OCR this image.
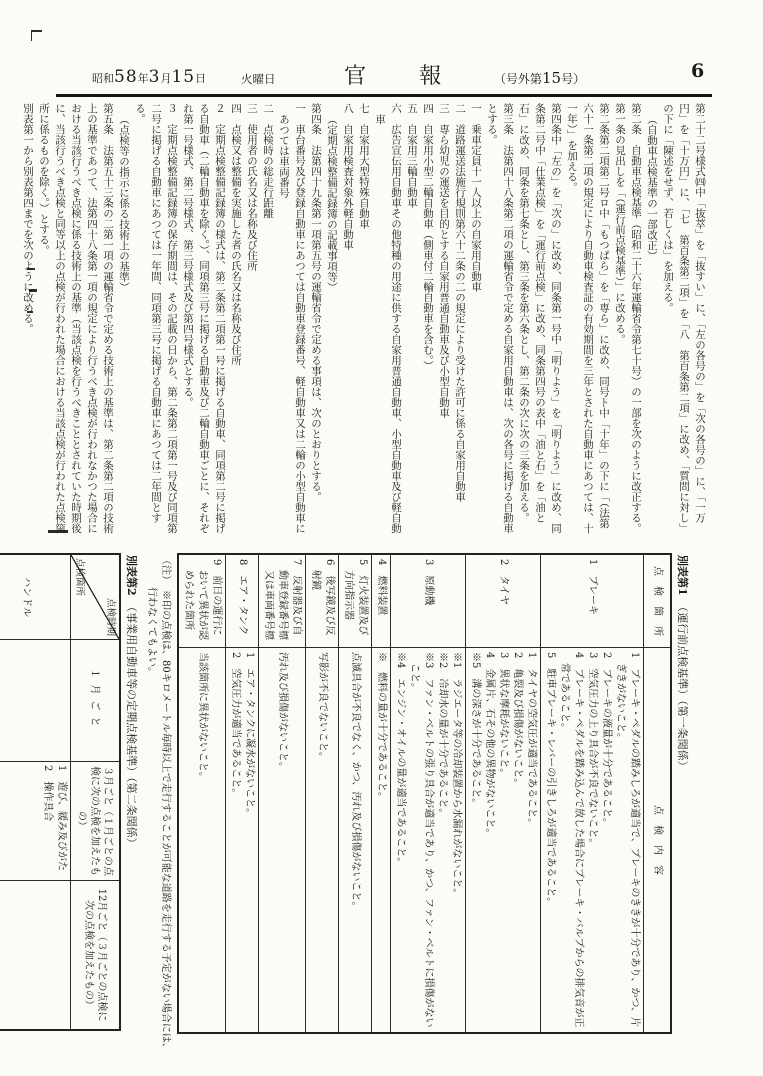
昭和58年3月15日	火曜日	官報 （号外第15号）	6

第二十二号様式㈣中「抜萃」を「抜すい」に、「左の各号の」を「次の各号の」に、「一万円」を「十万円」に、「七　第百条第二項」を「八　第百条第二項」に改め、「質問に対し」の下に「陳述をせず、若しくは」を加える。

（自動車点検基準の一部改正）

第二条　自動車点検基準（昭和二十六年運輸省令第七十号）の一部を次のように改正する。

第一条の見出しを「（運行前点検基準）」に改める。

第二条第二項第二号ロ中「もつぱら」を「専ら」に改め、同号ト中「十年」の下に「（法第六十一条第二項の規定により自動車検査証の有効期間を三年とされた自動車にあつては、十一年）」を加える。

第四条中「左の」を「次の」に改め、同条第一号中「明りよう」を「明りよう」に改め、同条第二号中「仕業点検」を「運行前点検」に改め、同条第四号の表中「油と石」を「油と石」に改め、同条を第七条とし、第三条を第六条とし、第二条の次に次の三条を加える。

第三条　法第四十八条第二項の運輸省令で定める自家用自動車は、次の各号に掲げる自動車とする。

一　乗車定員十一人以上の自家用自動車

二　道路運送法施行規則第六十二条の二の規定により受けた許可に係る自家用自動車

三　専ら幼児の運送を目的とする自家用普通自動車及び小型自動車

四　自家用小型二輪自動車（側車付二輪自動車を含む。）

五　自家用三輪自動車

六　広告宣伝用自動車その他特種の用途に供する自家用普通自動車、小型自動車及び軽自動車

七　自家用大型特殊自動車

八　自家用検査対象外軽自動車

（定期点検整備記録簿の記載事項等）

第四条　法第四十九条第一項第五号の運輸省令で定める事項は、次のとおりとする。

一　車台番号及び登録自動車にあつては自動車登録番号、軽自動車又は二輪の小型自動車にあつては車両番号

二　点検時の総走行距離

三　使用者の氏名又は名称及び住所

四　点検又は整備を実施した者の氏名又は名称及び住所

２　定期点検整備記録簿の様式は、第二条第二項第一号に掲げる自動車、同項第二号に掲げる自動車（二輪自動車を除く。）、同項第三号に掲げる自動車及び二輪自動車ごとに、それぞれ第一号様式、第二号様式、第三号様式及び第四号様式とする。

３　定期点検整備記録簿の保存期間は、その記載の日から、第二条第二項第一号及び同項第二号に掲げる自動車にあつては一年間、同項第三号に掲げる自動車にあつては二年間とする。

（点検等の指示に係る技術上の基準）

第五条　法第五十三条の二第一項の運輸省令で定める技術上の基準は、第二条第二項の技術上の基準であつて、法第四十八条第一項の規定により行うべき点検が行われなかつた場合における当該行うべき点検に係る技術上の基準（当該点検を行うべきこととされていた時期後に、当該行うべき点検と同等以上の点検が行われた場合における当該点検が行われた点検箇所に係るものを除く。）とする。

別表第一から別表第四までを次のように改める。

別表第1　（運行前点検基準）（第一条関係）
点　検　箇　所	点　検　内　容

1　ブレーキ	1　ブレーキ・ペダルの踏みしろが適当で、ブレーキのききが十分であり、かつ、片ぎきがないこと。
2　ブレーキの液量が十分であること。
3　空気圧力の上り具合が不良でないこと。
4　ブレーキ・ペダルを踏み込んで放した場合にブレーキ・バルブからの排気音が正常であること。
5　駐車ブレーキ・レバーの引きしろが適当であること。

2　タイヤ	1　タイヤの空気圧が適当であること。
2　亀裂及び損傷がないこと。
3　異状な摩耗がないこと。
4　金属片、石その他の異物がないこと。
※5　溝の深さが十分であること。

3　原動機	※1　ラジエータ等の冷却装置から水漏れがないこと。
※2　冷却水の量が十分であること。
※3　ファン・ベルトの張り具合が適当であり、かつ、ファン・ベルトに損傷がないこと。
※4　エンジン・オイルの量が適当であること。

4　燃料装置	※　燃料の量が十分であること。

5　灯火装置及び方向指示器	点滅具合が不良でなく、かつ、汚れ及び損傷がないこと。

6　後写鏡及び反射鏡	写影が不良でないこと。

7　反射器及び自動車登録番号標又は車両番号標	汚れ及び損傷がないこと。

8　エア・タンク	1　エア・タンクに凝水がないこと。
2　空気圧力が適当であること。

9　前日の運行において異状が認められた箇所	当該箇所に異状がないこと。
（注）　※印の点検は、80キロメートル毎時以上で走行することが可能な道路を走行する予定がない場合には、行わなくてもよい。
別表第2　（事業用自動車等の定期点検基準）（第二条関係）
点検時期
点検箇所	１月ごと	３月ごと（１月ごとの点検に次の点検を加えたもの）	12月ごと（３月ごとの点検に次の点検を加えたもの）
ハンドル		1　遊び、緩み及びがた
2　操作具合	
